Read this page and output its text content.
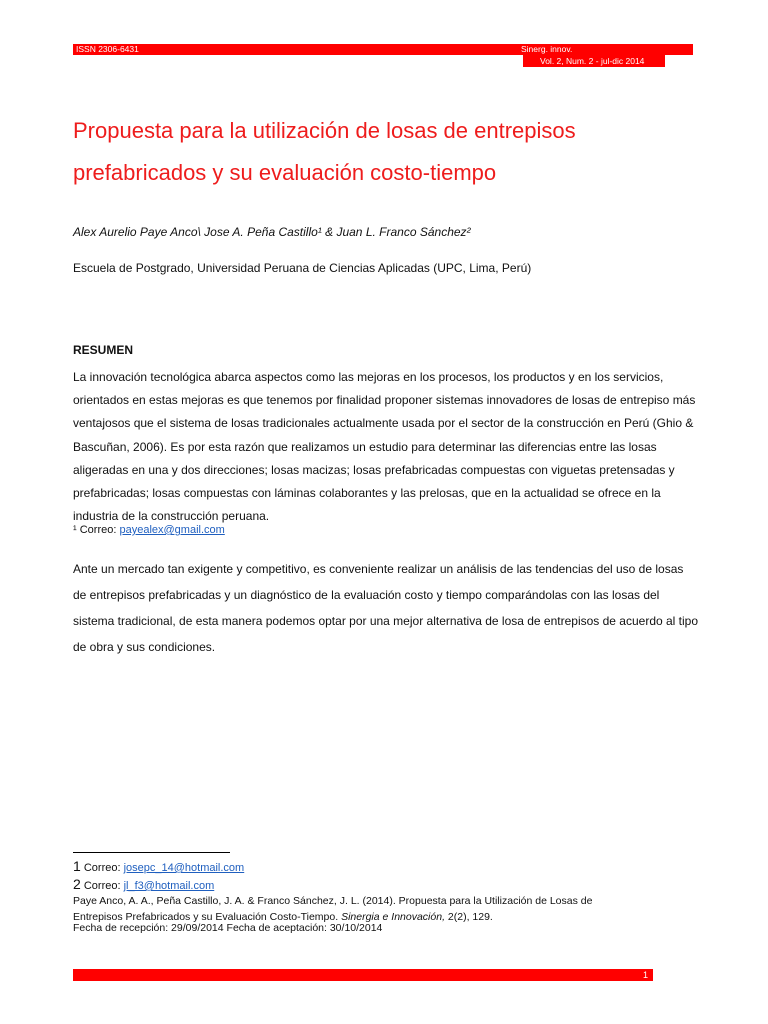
ISSN 2306-6431	Sinerg. innov.
Vol. 2, Num. 2 - jul-dic 2014
Propuesta para la utilización de losas de entrepisos
prefabricados y su evaluación costo-tiempo
Alex Aurelio Paye Anco\ Jose A. Peña Castillo¹ & Juan L. Franco Sánchez²
Escuela de Postgrado, Universidad Peruana de Ciencias Aplicadas (UPC, Lima, Perú)
RESUMEN

La innovación tecnológica abarca aspectos como las mejoras en los procesos, los productos y en los servicios, orientados en estas mejoras es que tenemos por finalidad proponer sistemas innovadores de losas de entrepiso más ventajosos que el sistema de losas tradicionales actualmente usada por el sector de la construcción en Perú (Ghio & Bascuñan, 2006). Es por esta razón que realizamos un estudio para determinar las diferencias entre las losas aligeradas en una y dos direcciones; losas macizas; losas prefabricadas compuestas con viguetas pretensadas y prefabricadas; losas compuestas con láminas colaborantes y las prelosas, que en la actualidad se ofrece en la industria de la construcción peruana.

¹ Correo: payealex@gmail.com

Ante un mercado tan exigente y competitivo, es conveniente realizar un análisis de las tendencias del uso de losas de entrepisos prefabricadas y un diagnóstico de la evaluación costo y tiempo comparándolas con las losas del sistema tradicional, de esta manera podemos optar por una mejor alternativa de losa de entrepisos de acuerdo al tipo de obra y sus condiciones.

1 Correo: josepc_14@hotmail.com
2 Correo: jl_f3@hotmail.com

Paye Anco, A. A., Peña Castillo, J. A. & Franco Sánchez, J. L. (2014). Propuesta para la Utilización de Losas de Entrepisos Prefabricados y su Evaluación Costo-Tiempo. Sinergia e Innovación, 2(2), 129.

Fecha de recepción: 29/09/2014 Fecha de aceptación: 30/10/2014
1
